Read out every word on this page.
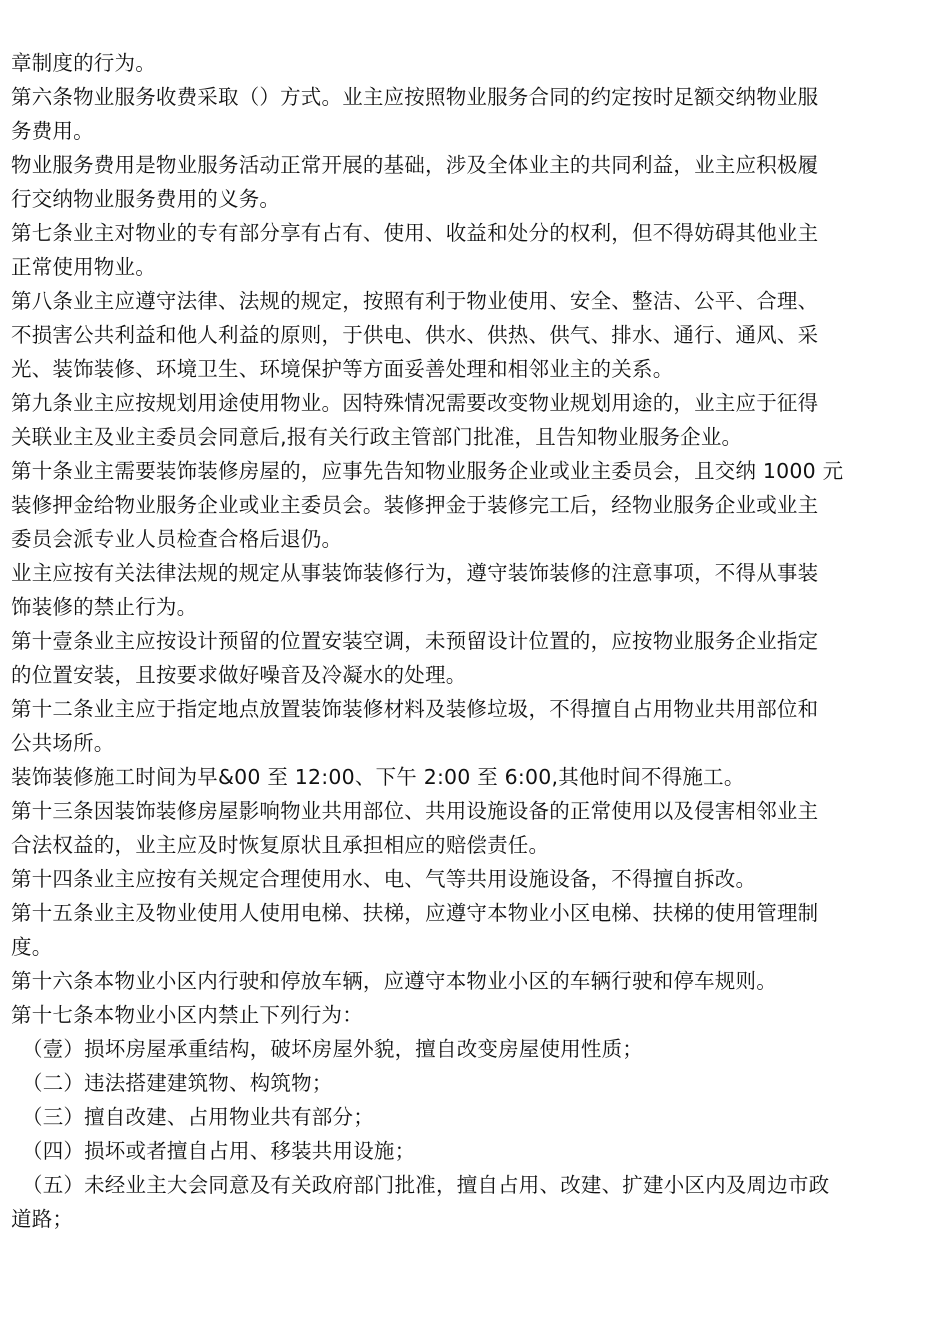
章制度的行为。

第六条物业服务收费采取（）方式。业主应按照物业服务合同的约定按时足额交纳物业服

务费用。

物业服务费用是物业服务活动正常开展的基础，涉及全体业主的共同利益，业主应积极履

行交纳物业服务费用的义务。

第七条业主对物业的专有部分享有占有、使用、收益和处分的权利，但不得妨碍其他业主

正常使用物业。

第八条业主应遵守法律、法规的规定，按照有利于物业使用、安全、整洁、公平、合理、

不损害公共利益和他人利益的原则，于供电、供水、供热、供气、排水、通行、通风、采

光、装饰装修、环境卫生、环境保护等方面妥善处理和相邻业主的关系。

第九条业主应按规划用途使用物业。因特殊情况需要改变物业规划用途的，业主应于征得

关联业主及业主委员会同意后,报有关行政主管部门批准，且告知物业服务企业。

第十条业主需要装饰装修房屋的，应事先告知物业服务企业或业主委员会，且交纳 1000 元

装修押金给物业服务企业或业主委员会。装修押金于装修完工后，经物业服务企业或业主

委员会派专业人员检查合格后退仍。

业主应按有关法律法规的规定从事装饰装修行为，遵守装饰装修的注意事项，不得从事装

饰装修的禁止行为。

第十壹条业主应按设计预留的位置安装空调，未预留设计位置的，应按物业服务企业指定

的位置安装，且按要求做好噪音及冷凝水的处理。

第十二条业主应于指定地点放置装饰装修材料及装修垃圾，不得擅自占用物业共用部位和

公共场所。

装饰装修施工时间为早&00 至 12:00、下午 2:00 至 6:00,其他时间不得施工。

第十三条因装饰装修房屋影响物业共用部位、共用设施设备的正常使用以及侵害相邻业主

合法权益的，业主应及时恢复原状且承担相应的赔偿责任。

第十四条业主应按有关规定合理使用水、电、气等共用设施设备，不得擅自拆改。

第十五条业主及物业使用人使用电梯、扶梯，应遵守本物业小区电梯、扶梯的使用管理制

度。

第十六条本物业小区内行驶和停放车辆，应遵守本物业小区的车辆行驶和停车规则。

第十七条本物业小区内禁止下列行为：

（壹）损坏房屋承重结构，破坏房屋外貌，擅自改变房屋使用性质；

（二）违法搭建建筑物、构筑物；

（三）擅自改建、占用物业共有部分；

（四）损坏或者擅自占用、移装共用设施；

（五）未经业主大会同意及有关政府部门批准，擅自占用、改建、扩建小区内及周边市政

道路；
